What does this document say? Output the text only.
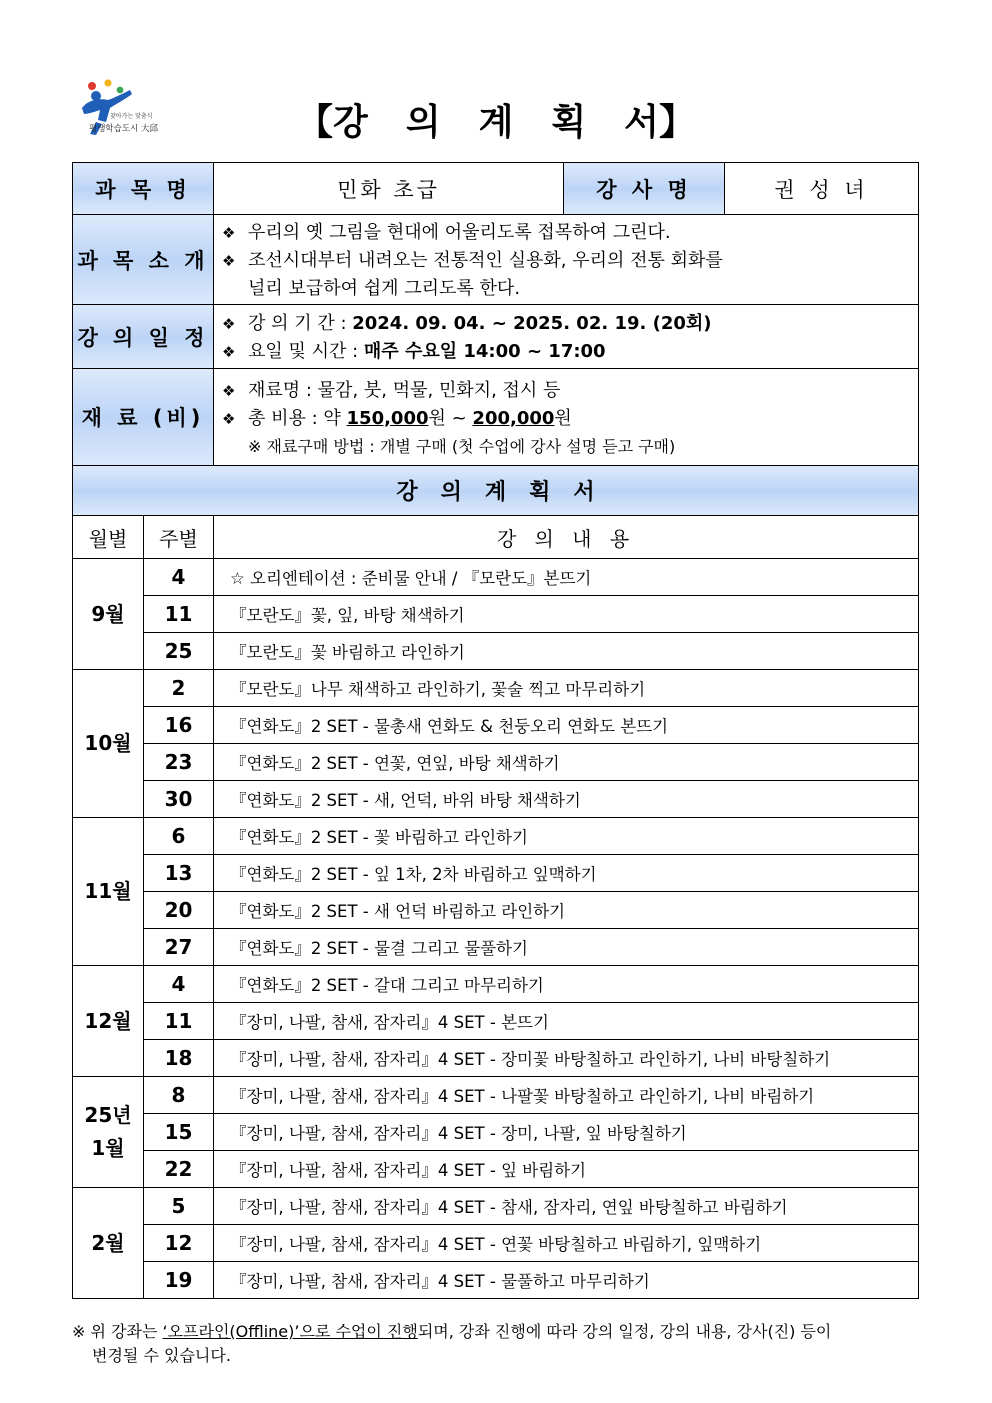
찾아가는 맞춤식
평생학습도시 大邱	【강 의 계 획 서】
과 목 명	민화 초급	강 사 명	권 성 녀
과 목 소 개	❖ 우리의 옛 그림을 현대에 어울리도록 접목하여 그린다.
❖ 조선시대부터 내려오는 전통적인 실용화, 우리의 전통 회화를
널리 보급하여 쉽게 그리도록 한다.		

강 의 일 정	❖ 강 의 기 간 : 2024. 09. 04. ~ 2025. 02. 19. (20회)
❖ 요일 및 시간 : 매주 수요일 14:00 ~ 17:00		

재 료 (비)	❖ 재료명 : 물감, 붓, 먹물, 민화지, 접시 등
❖ 총 비용 : 약 150,000원 ~ 200,000원
※ 재료구매 방법 : 개별 구매 (첫 수업에 강사 설명 듣고 구매)		
강   의   계   획   서		
월별	주별	강 의 내 용

9월	4	☆ 오리엔테이션 : 준비물 안내 / 『모란도』본뜨기
	11	『모란도』꽃, 잎, 바탕 채색하기
	25	『모란도』꽃 바림하고 라인하기

10월	2	『모란도』나무 채색하고 라인하기, 꽃술 찍고 마무리하기
	16	『연화도』2 SET - 물총새 연화도 & 천둥오리 연화도 본뜨기
	23	『연화도』2 SET - 연꽃, 연잎, 바탕 채색하기
	30	『연화도』2 SET - 새, 언덕, 바위 바탕 채색하기

11월	6	『연화도』2 SET - 꽃 바림하고 라인하기
	13	『연화도』2 SET - 잎 1차, 2차 바림하고 잎맥하기
	20	『연화도』2 SET - 새 언덕 바림하고 라인하기
	27	『연화도』2 SET - 물결 그리고 물풀하기

12월	4	『연화도』2 SET - 갈대 그리고 마무리하기
	11	『장미, 나팔, 참새, 잠자리』4 SET - 본뜨기
	18	『장미, 나팔, 참새, 잠자리』4 SET - 장미꽃 바탕칠하고 라인하기, 나비 바탕칠하기

25년
1월	8	『장미, 나팔, 참새, 잠자리』4 SET - 나팔꽃 바탕칠하고 라인하기, 나비 바림하기
	15	『장미, 나팔, 참새, 잠자리』4 SET - 장미, 나팔, 잎 바탕칠하기
	22	『장미, 나팔, 참새, 잠자리』4 SET - 잎 바림하기

2월	5	『장미, 나팔, 참새, 잠자리』4 SET - 참새, 잠자리, 연잎 바탕칠하고 바림하기
	12	『장미, 나팔, 참새, 잠자리』4 SET - 연꽃 바탕칠하고 바림하기, 잎맥하기
	19	『장미, 나팔, 참새, 잠자리』4 SET - 물풀하고 마무리하기
※ 위 강좌는 ‘오프라인(Offline)’으로 수업이 진행되며, 강좌 진행에 따라 강의 일정, 강의 내용, 강사(진) 등이
변경될 수 있습니다.
